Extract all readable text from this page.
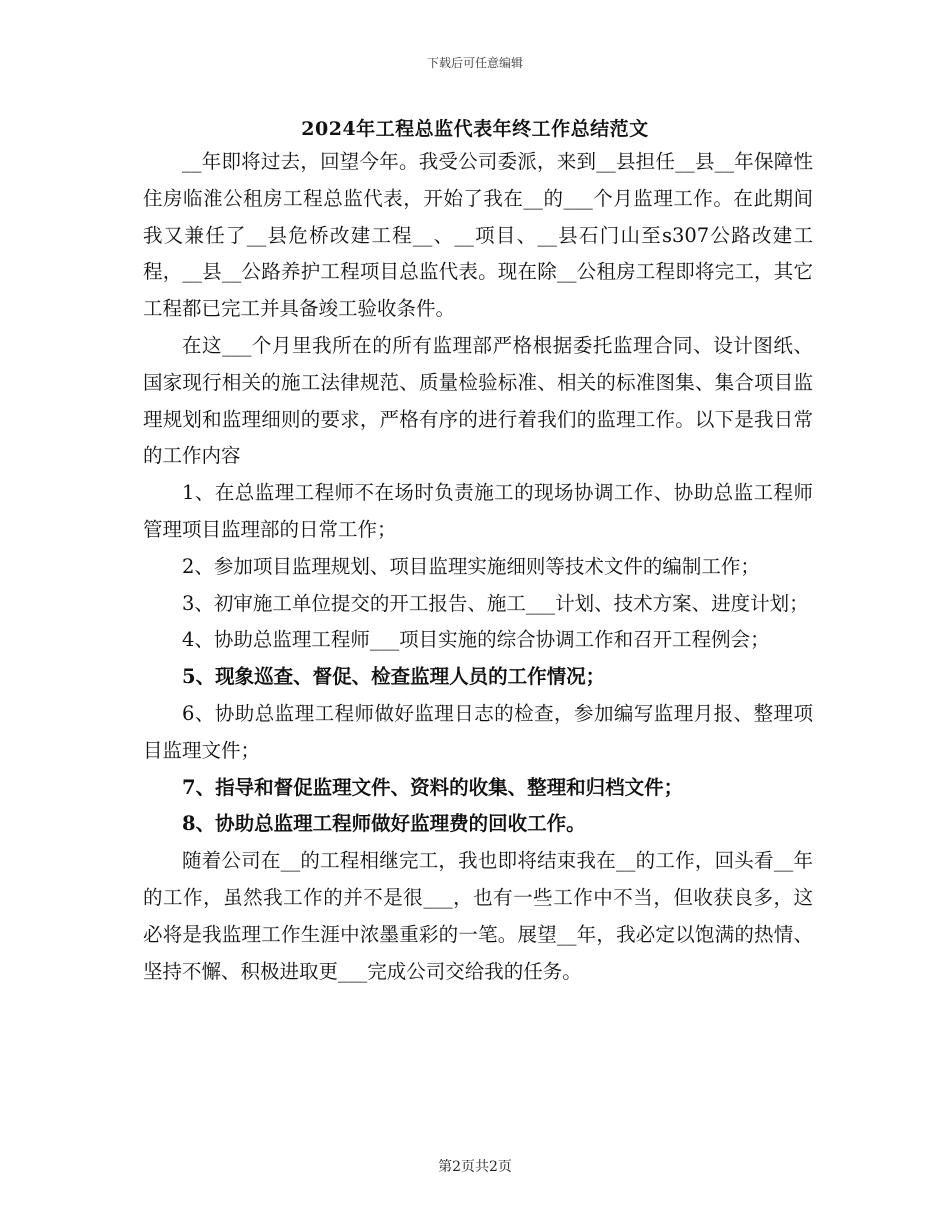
下载后可任意编辑
2024年工程总监代表年终工作总结范文

__年即将过去，回望今年。我受公司委派，来到__县担任__县__年保障性住房临淮公租房工程总监代表，开始了我在__的___个月监理工作。在此期间我又兼任了__县危桥改建工程__、__项目、__县石门山至s307公路改建工程，__县__公路养护工程项目总监代表。现在除__公租房工程即将完工，其它工程都已完工并具备竣工验收条件。

在这___个月里我所在的所有监理部严格根据委托监理合同、设计图纸、国家现行相关的施工法律规范、质量检验标准、相关的标准图集、集合项目监理规划和监理细则的要求，严格有序的进行着我们的监理工作。以下是我日常的工作内容

1、在总监理工程师不在场时负责施工的现场协调工作、协助总监工程师管理项目监理部的日常工作；

2、参加项目监理规划、项目监理实施细则等技术文件的编制工作；

3、初审施工单位提交的开工报告、施工___计划、技术方案、进度计划；

4、协助总监理工程师___项目实施的综合协调工作和召开工程例会；

5、现象巡查、督促、检查监理人员的工作情况；

6、协助总监理工程师做好监理日志的检查，参加编写监理月报、整理项目监理文件；

7、指导和督促监理文件、资料的收集、整理和归档文件；

8、协助总监理工程师做好监理费的回收工作。

随着公司在__的工程相继完工，我也即将结束我在__的工作，回头看__年的工作，虽然我工作的并不是很___，也有一些工作中不当，但收获良多，这必将是我监理工作生涯中浓墨重彩的一笔。展望__年，我必定以饱满的热情、坚持不懈、积极进取更___完成公司交给我的任务。

第2页共2页
